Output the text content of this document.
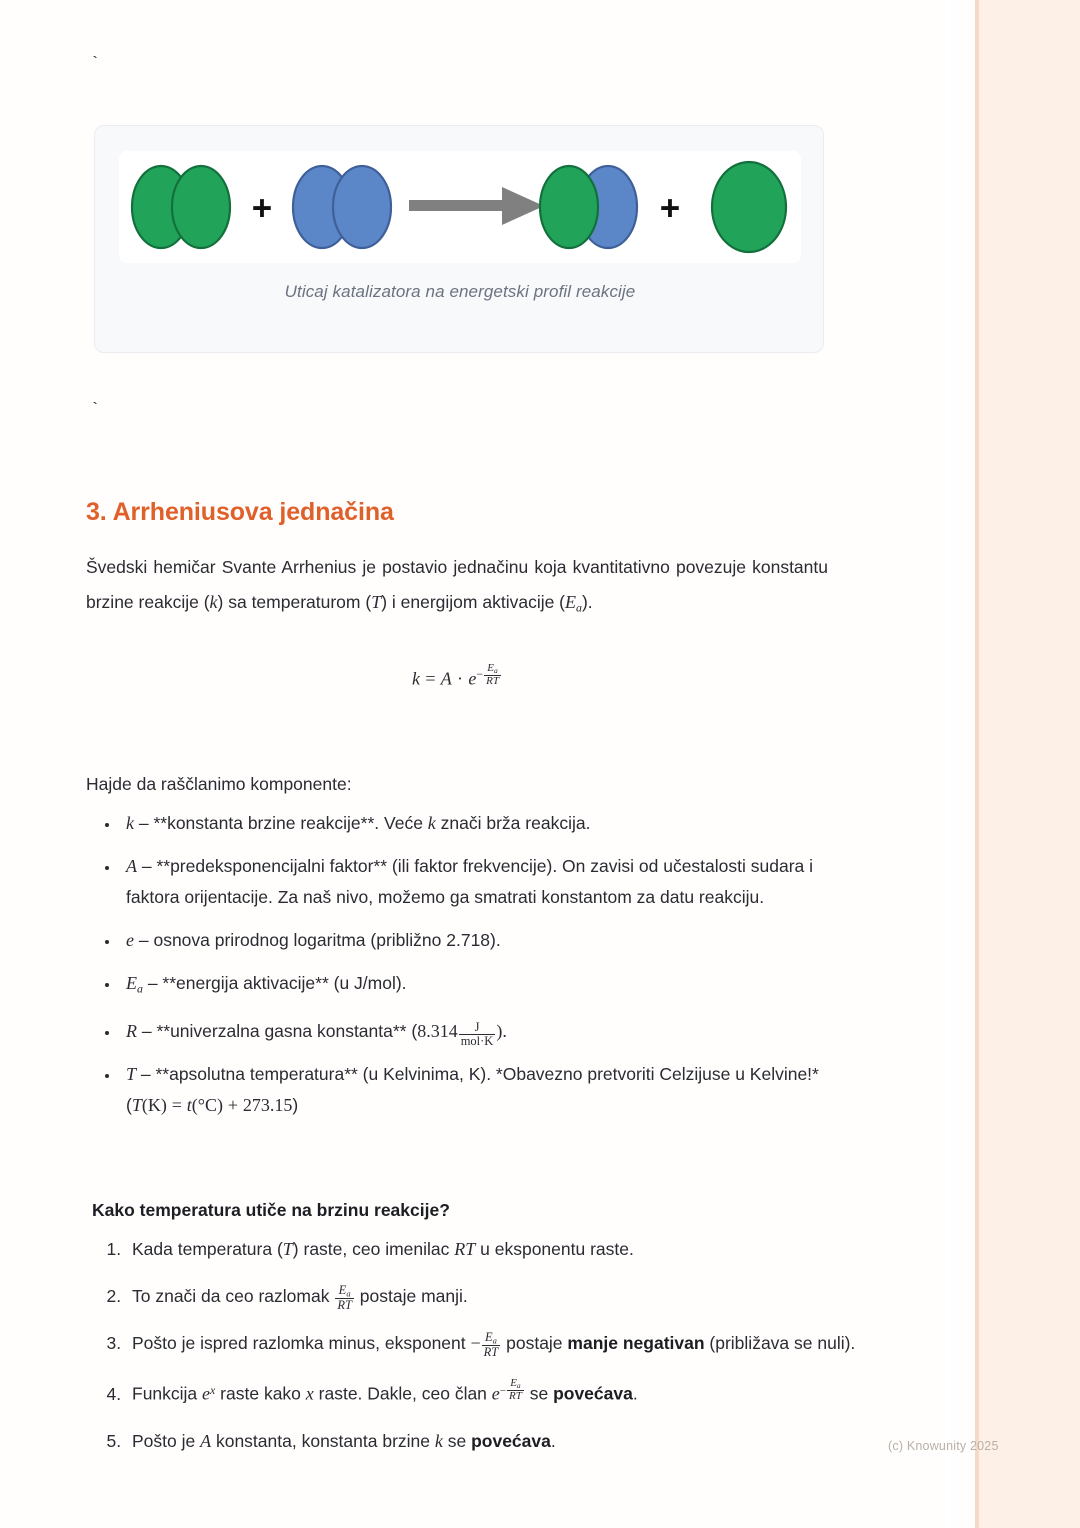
`
+	+
Uticaj katalizatora na energetski profil reakcije
`
3. Arrheniusova jednačina

Švedski hemičar Svante Arrhenius je postavio jednačinu koja kvantitativno povezuje konstantu brzine reakcije (k) sa temperaturom (T) i energijom aktivacije $(E_a)$.

$k = A \cdot e^{- \frac{E_a}{RT}}$

Hajde da raščlanimo komponente:

• k – **konstanta brzine reakcije**. Veće k znači brža reakcija.
• A – **predeksponencijalni faktor** (ili faktor frekvencije). On zavisi od učestalosti sudara i faktora orijentacije. Za naš nivo, možemo ga smatrati konstantom za datu reakciju.
• e – osnova prirodnog logaritma (približno 2.718).
• $E_a$ – **energija aktivacije** (u J/mol).
• R – **univerzalna gasna konstanta** ($8.314 \frac{J}{\text{mol·K}}$ ).
• T – **apsolutna temperatura** (u Kelvinima, K). *Obavezno pretvoriti Celzijuse u Kelvine!* (T(K) = t(°C) + 273.15)
Kako temperatura utiče na brzinu reakcije?
1. Kada temperatura (T) raste, ceo imenilac RT u eksponentu raste.
2. To znači da ceo razlomak $\frac{E_a}{RT}$ postaje manji.
3. Pošto je ispred razlomka minus, eksponent − $\frac{E_a}{RT}$ postaje manje negativan (približava se nuli).
4. Funkcija $e^x$ raste kako x raste. Dakle, ceo član $e^{- \frac{E_a}{RT}}$ se povećava.
5. Pošto je A konstanta, konstanta brzine k se povećava.	(c) Knowunity 2025
